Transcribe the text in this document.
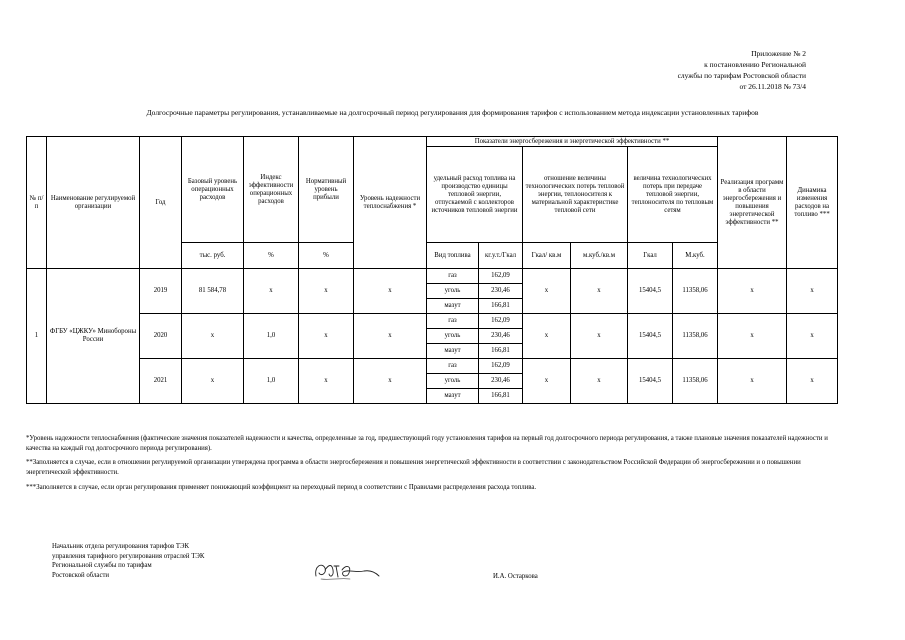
Приложение № 2
к постановлению Региональной
службы по тарифам Ростовской области
от 26.11.2018 № 73/4
Долгосрочные параметры регулирования, устанавливаемые на долгосрочный период регулирования для формирования тарифов с использованием метода индексации установленных тарифов
№ п/п	Наименование регулируемой организации	Год	Базовый уровень операционных расходов	Индекс эффективности операционных расходов	Нормативный уровень прибыли	Уровень надежности теплоснабжения *	Показатели энергосбережения и энергетической эффективности **						Реализация программ в области энергосбережения и повышения энергетической эффективности **	Динамика изменения расходов на топливо ***
							удельный расход топлива на производство единицы тепловой энергии, отпускаемой с коллекторов источников тепловой энергии		отношение величины технологических потерь тепловой энергии, теплоносителя к материальной характеристике тепловой сети		величина технологических потерь при передаче тепловой энергии, теплоносителя по тепловым сетям			
			тыс. руб.	%	%		Вид топлива	кг.у.т./Гкал	Гкал/ кв.м	м.куб./кв.м	Гкал	М.куб.		
1	ФГБУ «ЦЖКУ» Минобороны России	2019	81 584,78	х	х	х	газ	162,09	х	х	15404,5	11358,06	х	х
							уголь	230,46						
							мазут	166,81						
		2020	х	1,0	х	х	газ	162,09	х	х	15404,5	11358,06	х	х
							уголь	230,46						
							мазут	166,81						
		2021	х	1,0	х	х	газ	162,09	х	х	15404,5	11358,06	х	х
							уголь	230,46						
							мазут	166,81						
*Уровень надежности теплоснабжения (фактические значения показателей надежности и качества, определенные за год, предшествующий году установления тарифов на первый год долгосрочного периода регулирования, а также плановые значения показателей надежности и качества на каждый год долгосрочного периода регулирования).
**Заполняется в случае, если в отношении регулируемой организации утверждена программа в области энергосбережения и повышения энергетической эффективности в соответствии с законодательством Российской Федерации об энергосбережении и о повышении энергетической эффективности.
***Заполняется в случае, если орган регулирования применяет понижающий коэффициент на переходный период в соответствии с Правилами распределения расхода топлива.
Начальник отдела регулирования тарифов ТЭК
управления тарифного регулирования отраслей ТЭК
Региональной службы по тарифам
Ростовской области	И.А. Остаркова
